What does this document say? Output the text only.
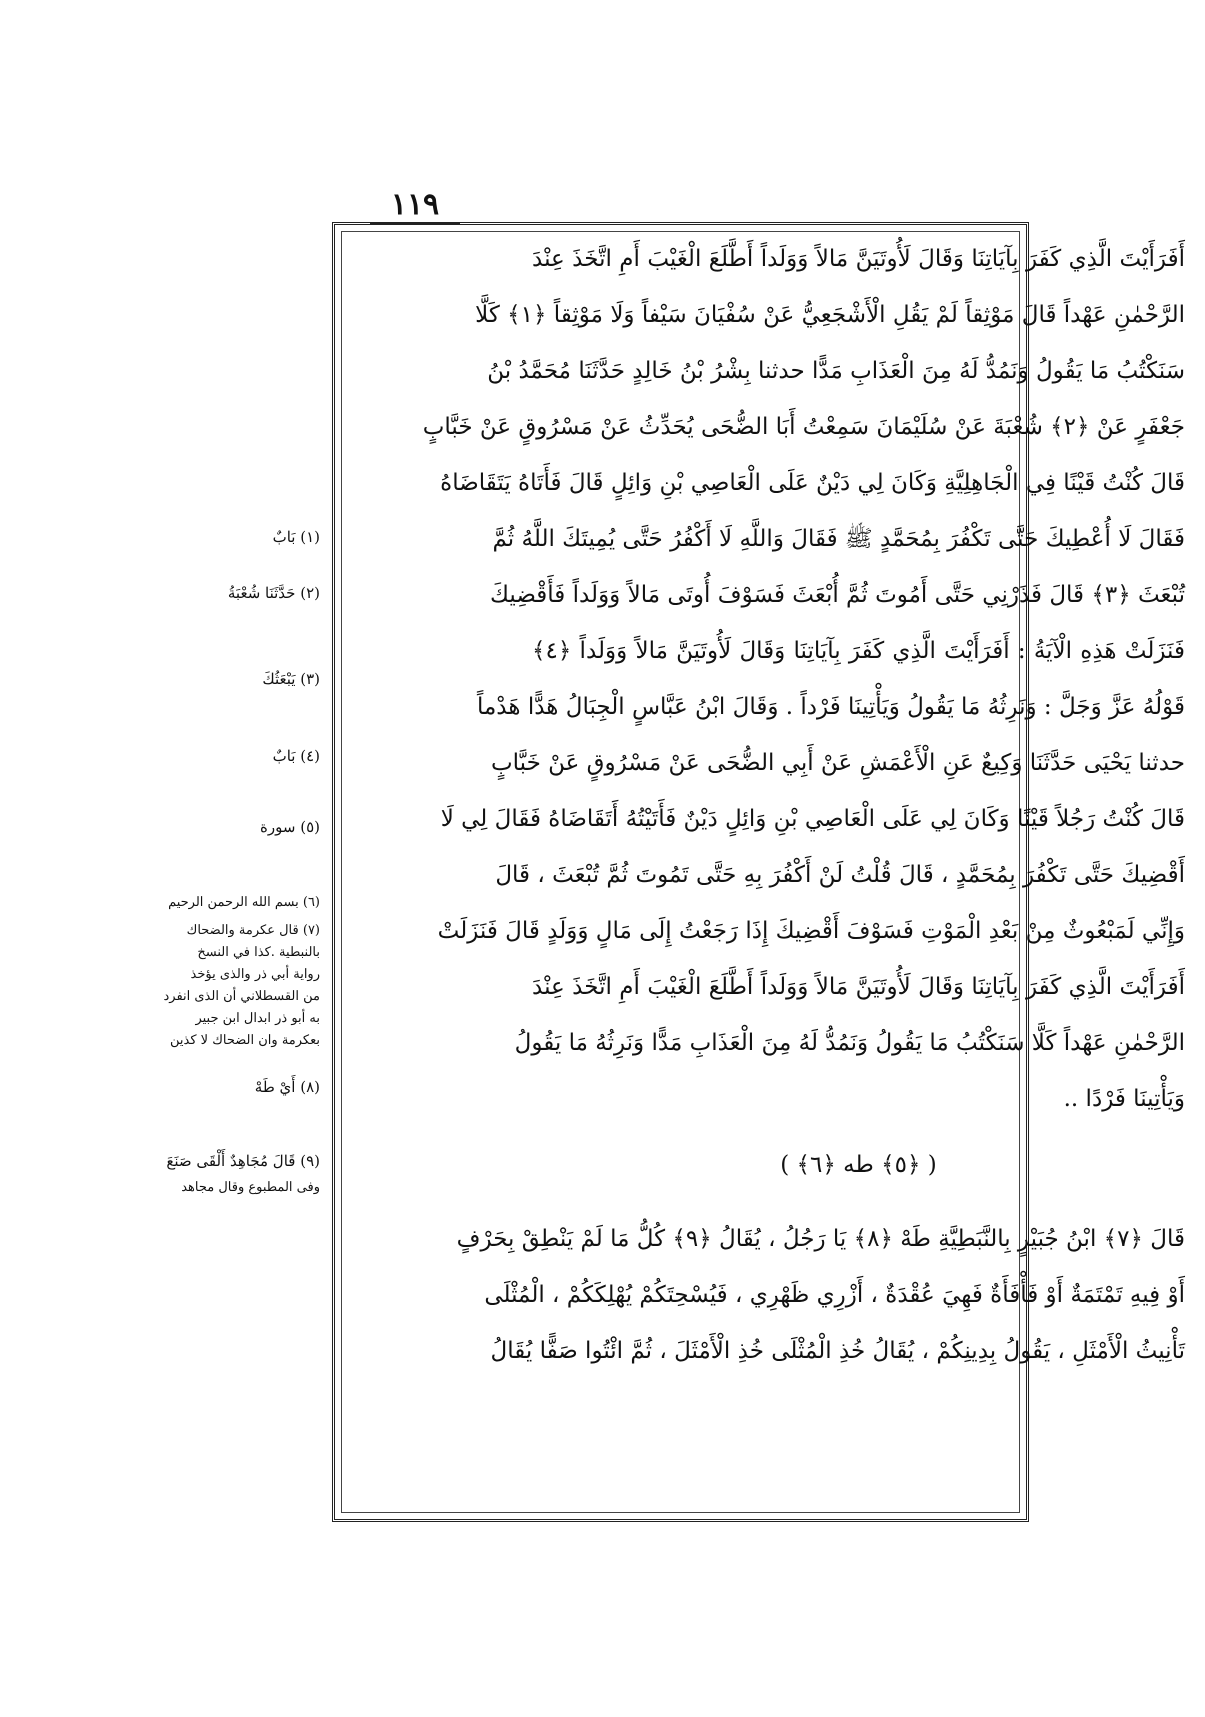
١١٩
أَفَرَأَيْتَ الَّذِي كَفَرَ بِآيَاتِنَا وَقَالَ لَأُوتَيَنَّ مَالاً وَوَلَداً أَطَّلَعَ الْغَيْبَ أَمِ اتَّخَذَ عِنْدَ
الرَّحْمٰنِ عَهْداً قَالَ مَوْثِقاً لَمْ يَقُلِ الْأَشْجَعِيُّ عَنْ سُفْيَانَ سَيْفاً وَلَا مَوْثِقاً ﴿١﴾ كَلَّا
سَنَكْتُبُ مَا يَقُولُ وَنَمُدُّ لَهُ مِنَ الْعَذَابِ مَدًّا حدثنا بِشْرُ بْنُ خَالِدٍ حَدَّثَنَا مُحَمَّدُ بْنُ
جَعْفَرٍ عَنْ ﴿٢﴾ شُعْبَةَ عَنْ سُلَيْمَانَ سَمِعْتُ أَبَا الضُّحَى يُحَدِّثُ عَنْ مَسْرُوقٍ عَنْ خَبَّابٍ
قَالَ كُنْتُ قَيْنًا فِي الْجَاهِلِيَّةِ وَكَانَ لِي دَيْنٌ عَلَى الْعَاصِي بْنِ وَائِلٍ قَالَ فَأَتَاهُ يَتَقَاضَاهُ
فَقَالَ لَا أُعْطِيكَ حَتَّى تَكْفُرَ بِمُحَمَّدٍ ﷺ فَقَالَ وَاللَّهِ لَا أَكْفُرُ حَتَّى يُمِيتَكَ اللَّهُ ثُمَّ
تُبْعَثَ ﴿٣﴾ قَالَ فَذَرْنِي حَتَّى أَمُوتَ ثُمَّ أُبْعَثَ فَسَوْفَ أُوتَى مَالاً وَوَلَداً فَأَقْضِيكَ
فَنَزَلَتْ هَذِهِ الْآيَةُ : أَفَرَأَيْتَ الَّذِي كَفَرَ بِآيَاتِنَا وَقَالَ لَأُوتَيَنَّ مَالاً وَوَلَداً ﴿٤﴾
قَوْلُهُ عَزَّ وَجَلَّ : وَنَرِثُهُ مَا يَقُولُ وَيَأْتِينَا فَرْداً . وَقَالَ ابْنُ عَبَّاسٍ الْجِبَالُ هَدًّا هَدْماً
حدثنا يَحْيَى حَدَّثَنَا وَكِيعٌ عَنِ الْأَعْمَشِ عَنْ أَبِي الضُّحَى عَنْ مَسْرُوقٍ عَنْ خَبَّابٍ
قَالَ كُنْتُ رَجُلاً قَيْنًا وَكَانَ لِي عَلَى الْعَاصِي بْنِ وَائِلٍ دَيْنٌ فَأَتَيْتُهُ أَتَقَاضَاهُ فَقَالَ لِي لَا
أَقْضِيكَ حَتَّى تَكْفُرَ بِمُحَمَّدٍ ، قَالَ قُلْتُ لَنْ أَكْفُرَ بِهِ حَتَّى تَمُوتَ ثُمَّ تُبْعَثَ ، قَالَ
وَإِنِّي لَمَبْعُوثٌ مِنْ بَعْدِ الْمَوْتِ فَسَوْفَ أَقْضِيكَ إِذَا رَجَعْتُ إِلَى مَالٍ وَوَلَدٍ قَالَ فَنَزَلَتْ
أَفَرَأَيْتَ الَّذِي كَفَرَ بِآيَاتِنَا وَقَالَ لَأُوتَيَنَّ مَالاً وَوَلَداً أَطَّلَعَ الْغَيْبَ أَمِ اتَّخَذَ عِنْدَ
الرَّحْمٰنِ عَهْداً كَلَّا سَنَكْتُبُ مَا يَقُولُ وَنَمُدُّ لَهُ مِنَ الْعَذَابِ مَدًّا وَنَرِثُهُ مَا يَقُولُ
وَيَأْتِينَا فَرْدًا ..
( ﴿٥﴾ طه ﴿٦﴾ )
قَالَ ﴿٧﴾ ابْنُ جُبَيْرٍ بِالنَّبَطِيَّةِ طَهْ ﴿٨﴾ يَا رَجُلُ ، يُقَالُ ﴿٩﴾ كُلُّ مَا لَمْ يَنْطِقْ بِحَرْفٍ
أَوْ فِيهِ تَمْتَمَةٌ أَوْ فَأْفَأَةٌ فَهِيَ عُقْدَةٌ ، أَزْرِي ظَهْرِي ، فَيُسْحِتَكُمْ يُهْلِكَكُمْ ، الْمُثْلَى
تَأْنِيثُ الْأَمْثَلِ ، يَقُولُ بِدِينِكُمْ ، يُقَالُ خُذِ الْمُثْلَى خُذِ الْأَمْثَلَ ، ثُمَّ ائْتُوا صَفًّا يُقَالُ
(١) بَابٌ
(٢) حَدَّثَنَا شُعْبَةُ
(٣) يَبْعَثُكَ
(٤) بَابٌ
(٥) سورة
(٦) بسم الله الرحمن الرحيم
(٧) قال عكرمة والضحاك
بالنبطية .كذا في النسخ
رواية أبي ذر والذى يؤخذ
من القسطلاني أن الذى انفرد
به أبو ذر ابدال ابن جبير
بعكرمة وان الضحاك لا كذين
(٨) أَيْ طَهْ
(٩) قَالَ مُجَاهِدٌ أَلْقَى صَنَعَ
وفى المطبوع وقال مجاهد
